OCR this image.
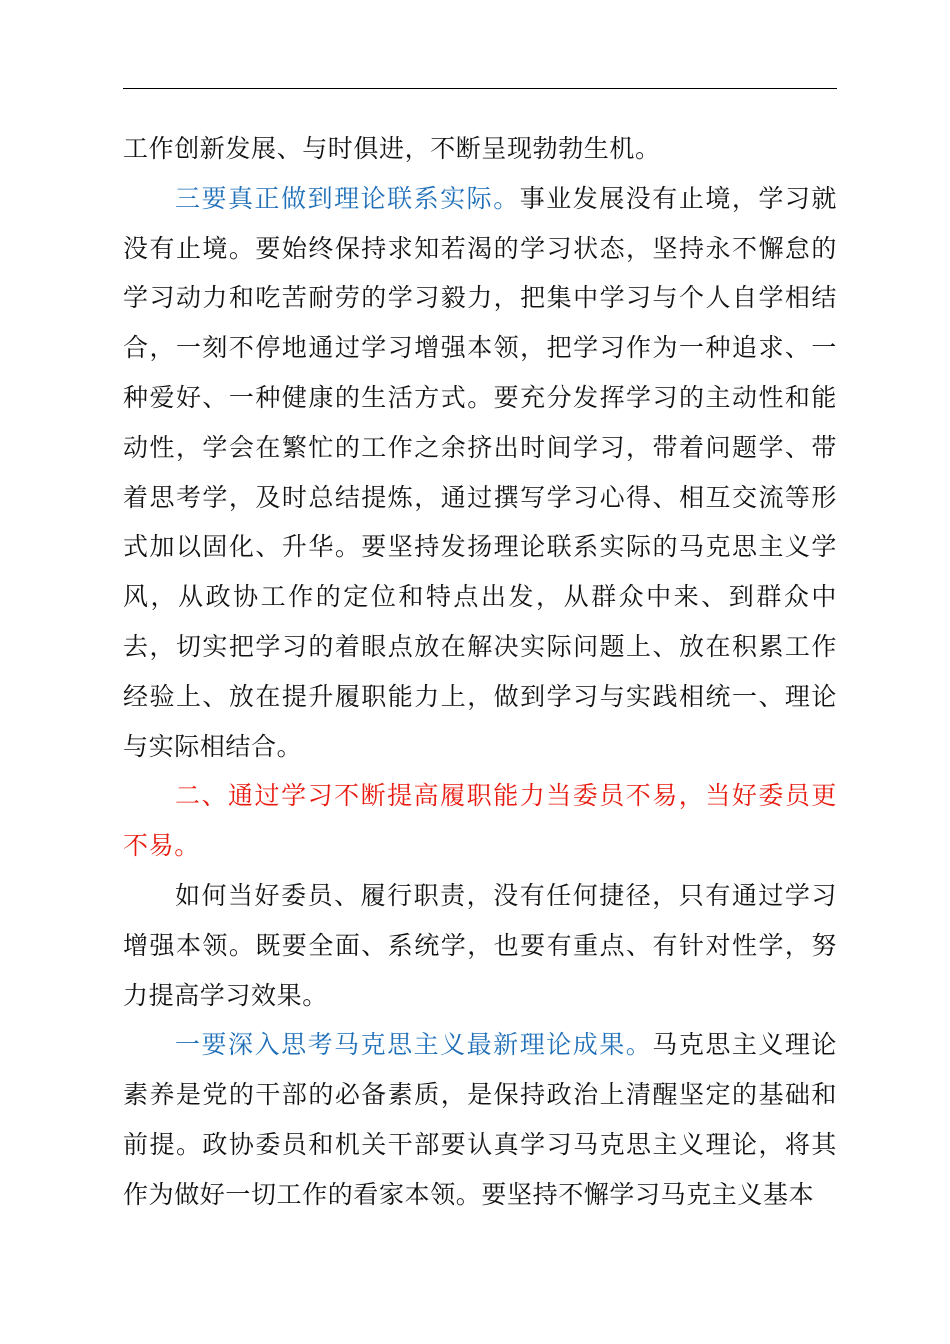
工作创新发展、与时俱进，不断呈现勃勃生机。

三要真正做到理论联系实际。事业发展没有止境，学习就没有止境。要始终保持求知若渴的学习状态，坚持永不懈怠的学习动力和吃苦耐劳的学习毅力，把集中学习与个人自学相结合，一刻不停地通过学习增强本领，把学习作为一种追求、一种爱好、一种健康的生活方式。要充分发挥学习的主动性和能动性，学会在繁忙的工作之余挤出时间学习，带着问题学、带着思考学，及时总结提炼，通过撰写学习心得、相互交流等形式加以固化、升华。要坚持发扬理论联系实际的马克思主义学风，从政协工作的定位和特点出发，从群众中来、到群众中去，切实把学习的着眼点放在解决实际问题上、放在积累工作经验上、放在提升履职能力上，做到学习与实践相统一、理论与实际相结合。

二、通过学习不断提高履职能力当委员不易，当好委员更不易。

如何当好委员、履行职责，没有任何捷径，只有通过学习增强本领。既要全面、系统学，也要有重点、有针对性学，努力提高学习效果。

一要深入思考马克思主义最新理论成果。马克思主义理论素养是党的干部的必备素质，是保持政治上清醒坚定的基础和前提。政协委员和机关干部要认真学习马克思主义理论，将其作为做好一切工作的看家本领。要坚持不懈学习马克主义基本
